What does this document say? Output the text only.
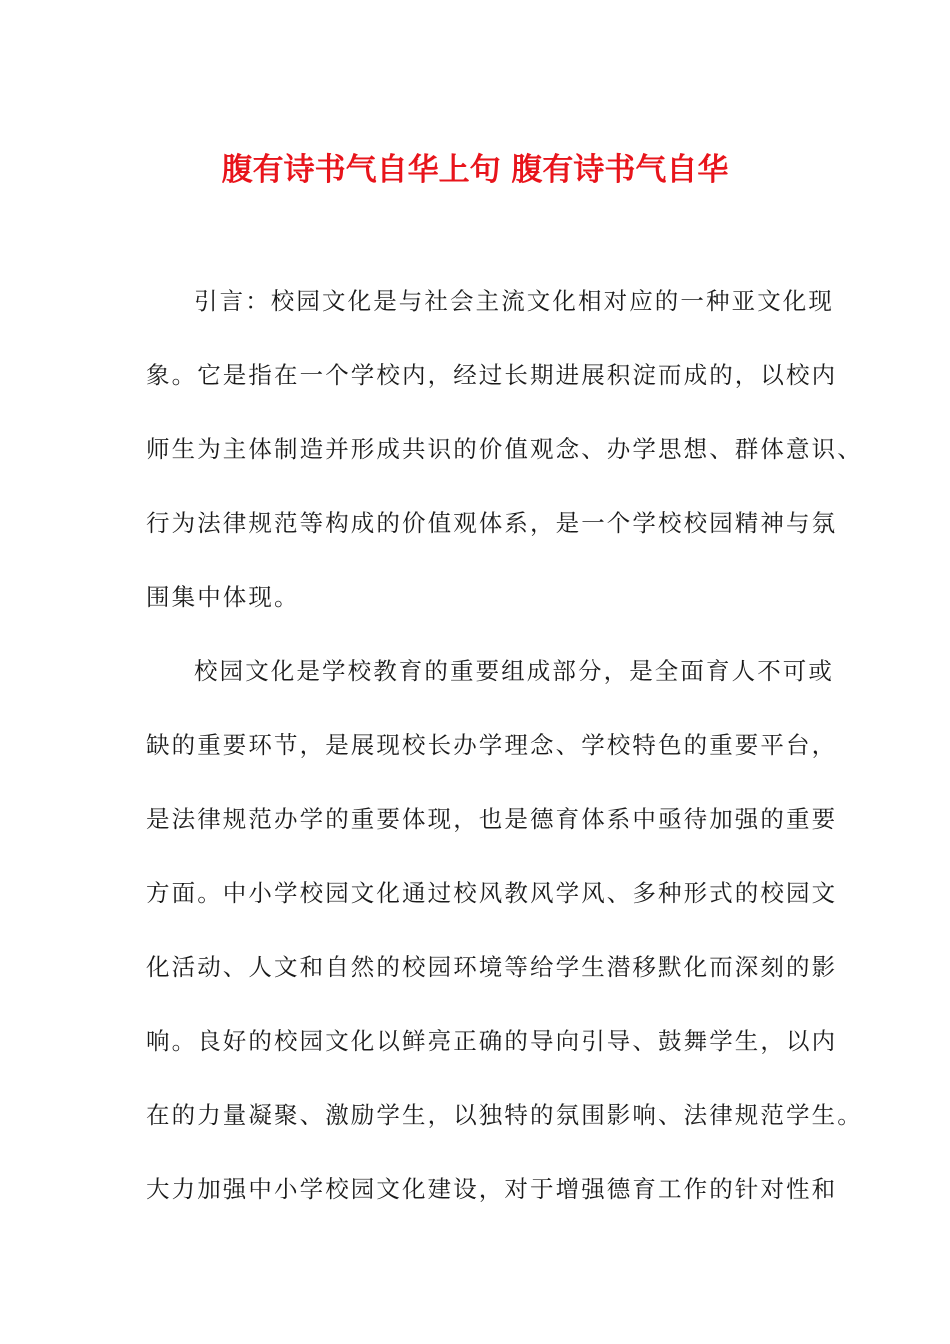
腹有诗书气自华上句 腹有诗书气自华
引言：校园文化是与社会主流文化相对应的一种亚文化现
象。它是指在一个学校内，经过长期进展积淀而成的，以校内
师生为主体制造并形成共识的价值观念、办学思想、群体意识、
行为法律规范等构成的价值观体系，是一个学校校园精神与氛
围集中体现。
校园文化是学校教育的重要组成部分，是全面育人不可或
缺的重要环节，是展现校长办学理念、学校特色的重要平台，
是法律规范办学的重要体现，也是德育体系中亟待加强的重要
方面。中小学校园文化通过校风教风学风、多种形式的校园文
化活动、人文和自然的校园环境等给学生潜移默化而深刻的影
响。良好的校园文化以鲜亮正确的导向引导、鼓舞学生，以内
在的力量凝聚、激励学生，以独特的氛围影响、法律规范学生。
大力加强中小学校园文化建设，对于增强德育工作的针对性和
